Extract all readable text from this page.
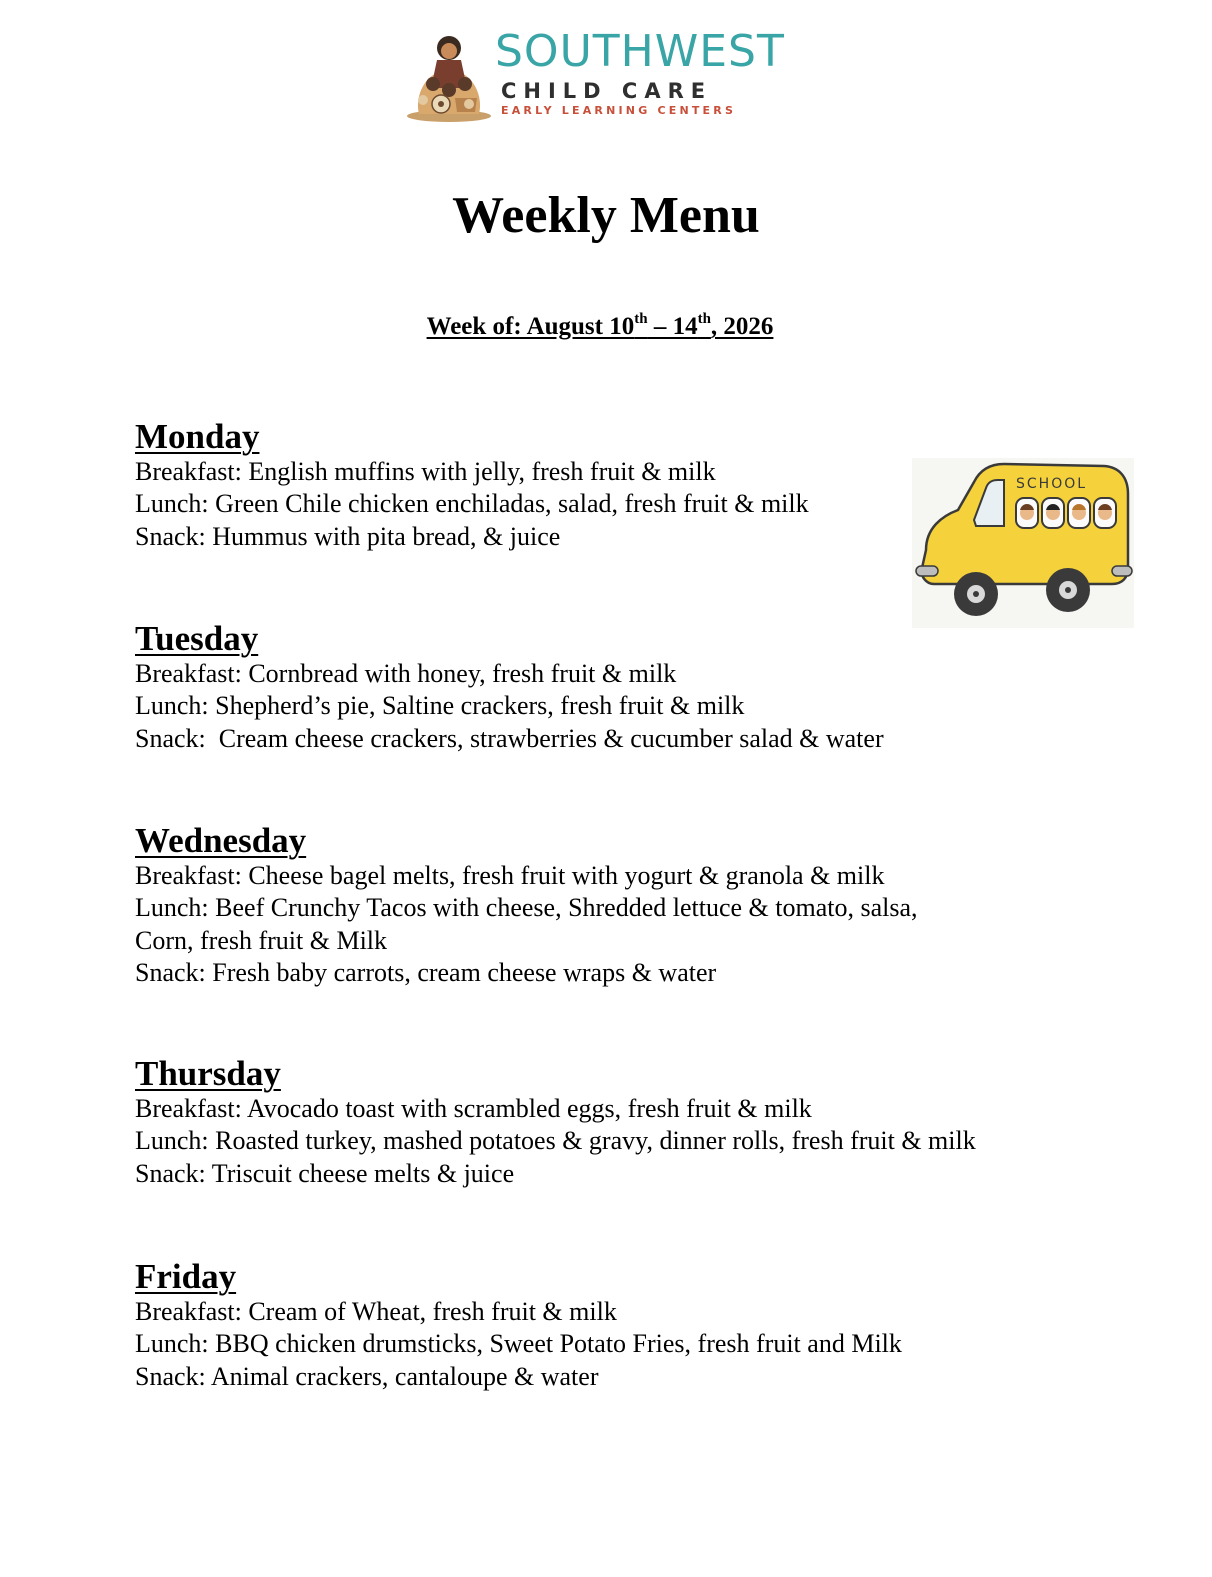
SOUTHWEST
CHILD CARE
EARLY LEARNING CENTERS
Weekly Menu
Week of: August 10th – 14th, 2026
Monday

Breakfast: English muffins with jelly, fresh fruit & milk

Lunch: Green Chile chicken enchiladas, salad, fresh fruit & milk

Snack: Hummus with pita bread, & juice

Tuesday

Breakfast: Cornbread with honey, fresh fruit & milk

Lunch: Shepherd’s pie, Saltine crackers, fresh fruit & milk

Snack:  Cream cheese crackers, strawberries & cucumber salad & water

Wednesday

Breakfast: Cheese bagel melts, fresh fruit with yogurt & granola & milk

Lunch: Beef Crunchy Tacos with cheese, Shredded lettuce & tomato, salsa,

Corn, fresh fruit & Milk

Snack: Fresh baby carrots, cream cheese wraps & water

Thursday

Breakfast: Avocado toast with scrambled eggs, fresh fruit & milk

Lunch: Roasted turkey, mashed potatoes & gravy, dinner rolls, fresh fruit & milk

Snack: Triscuit cheese melts & juice

Friday

Breakfast: Cream of Wheat, fresh fruit & milk

Lunch: BBQ chicken drumsticks, Sweet Potato Fries, fresh fruit and Milk

Snack: Animal crackers, cantaloupe & water

SCHOOL
